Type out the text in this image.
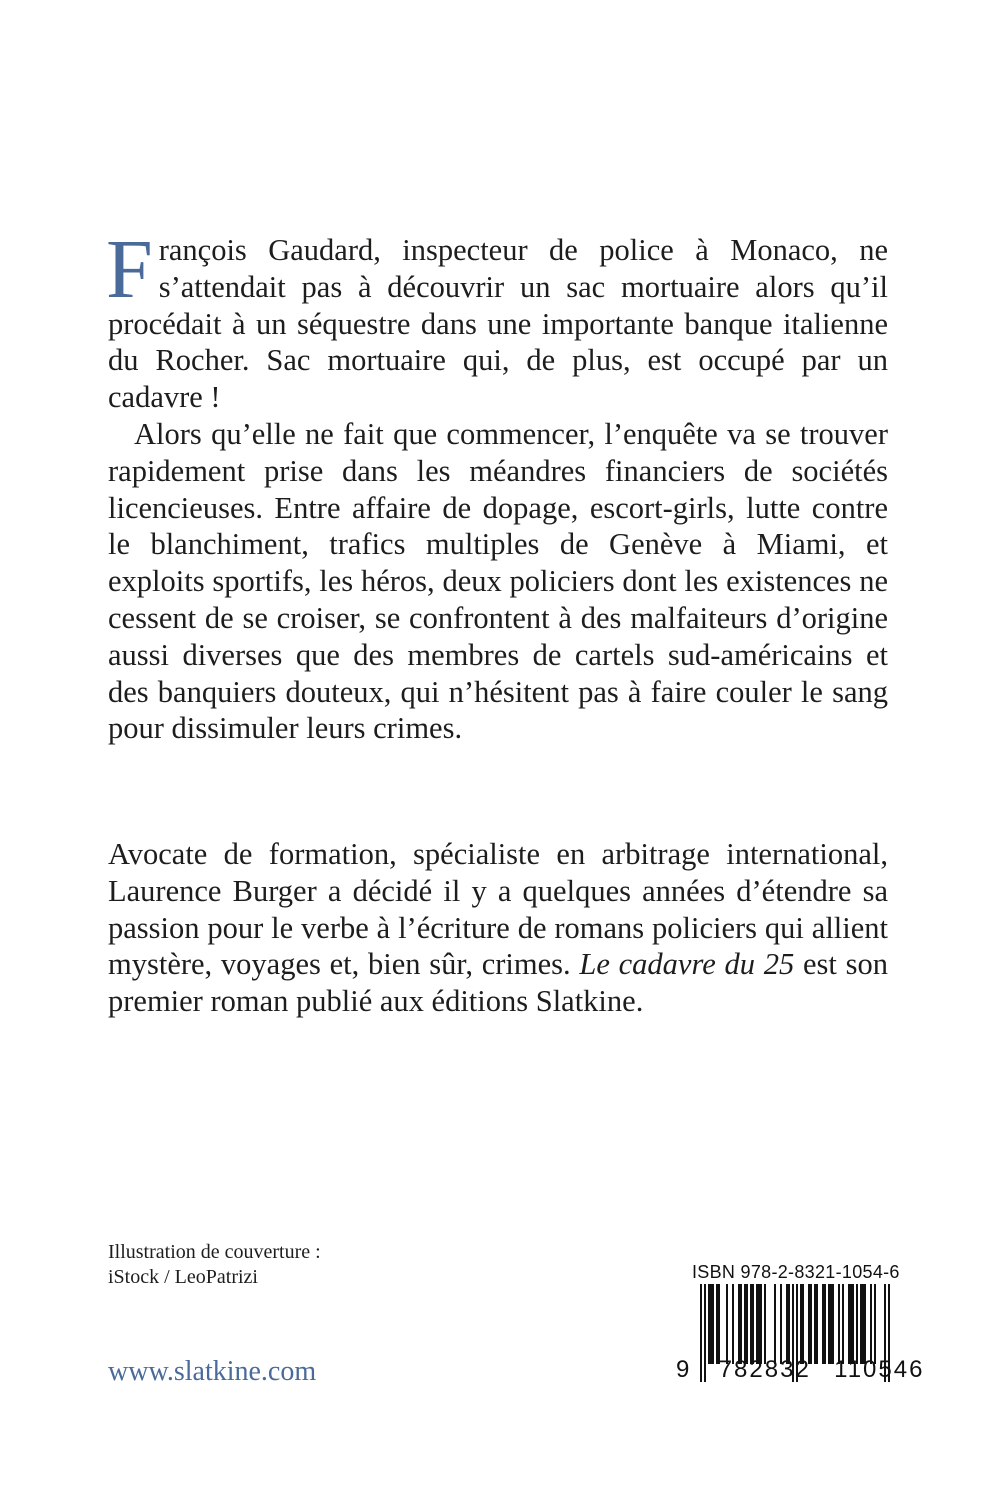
François Gaudard, inspecteur de police à Monaco, ne s’attendait pas à découvrir un sac mortuaire alors qu’il procédait à un séquestre dans une importante banque italienne du Rocher. Sac mortuaire qui, de plus, est occupé par un cadavre !

Alors qu’elle ne fait que commencer, l’enquête va se trouver rapidement prise dans les méandres financiers de sociétés licencieuses. Entre affaire de dopage, escort-girls, lutte contre le blanchiment, trafics multiples de Genève à Miami, et exploits sportifs, les héros, deux policiers dont les existences ne cessent de se croiser, se confrontent à des malfaiteurs d’origine aussi diverses que des membres de cartels sud-américains et des banquiers douteux, qui n’hésitent pas à faire couler le sang pour dissimuler leurs crimes.

Avocate de formation, spécialiste en arbitrage international, Laurence Burger a décidé il y a quelques années d’étendre sa passion pour le verbe à l’écriture de romans policiers qui allient mystère, voyages et, bien sûr, crimes. Le cadavre du 25 est son premier roman publié aux éditions Slatkine.

Illustration de couverture :
iStock / LeoPatrizi
www.slatkine.com
ISBN 978-2-8321-1054-6
9 782832 110546
